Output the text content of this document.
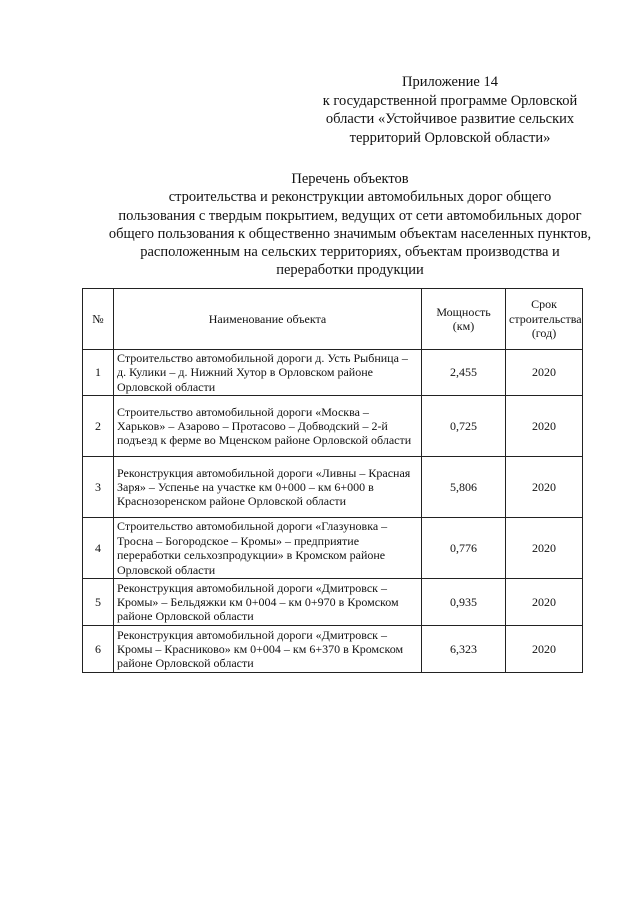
Приложение 14
к государственной программе Орловской
области «Устойчивое развитие сельских
территорий Орловской области»
Перечень объектов
строительства и реконструкции автомобильных дорог общего
пользования с твердым покрытием, ведущих от сети автомобильных дорог
общего пользования к общественно значимым объектам населенных пунктов,
расположенным на сельских территориях, объектам производства и
переработки продукции
№	Наименование объекта	Мощность (км)	Срок строительства (год)
1	Строительство автомобильной дороги д. Усть Рыбница – д. Кулики – д. Нижний Хутор в Орловском районе Орловской области	2,455	2020
2	Строительство автомобильной дороги «Москва – Харьков» – Азарово – Протасово – Добводский – 2-й подъезд к ферме во Мценском районе Орловской области	0,725	2020
3	Реконструкция автомобильной дороги «Ливны – Красная Заря» – Успенье на участке км 0+000 – км 6+000 в Краснозоренском районе Орловской области	5,806	2020
4	Строительство автомобильной дороги «Глазуновка – Тросна – Богородское – Кромы» – предприятие переработки сельхозпродукции» в Кромском районе Орловской области	0,776	2020
5	Реконструкция автомобильной дороги «Дмитровск – Кромы» – Бельдяжки км 0+004 – км 0+970 в Кромском районе Орловской области	0,935	2020
6	Реконструкция автомобильной дороги «Дмитровск – Кромы – Красниково» км 0+004 – км 6+370 в Кромском районе Орловской области	6,323	2020
